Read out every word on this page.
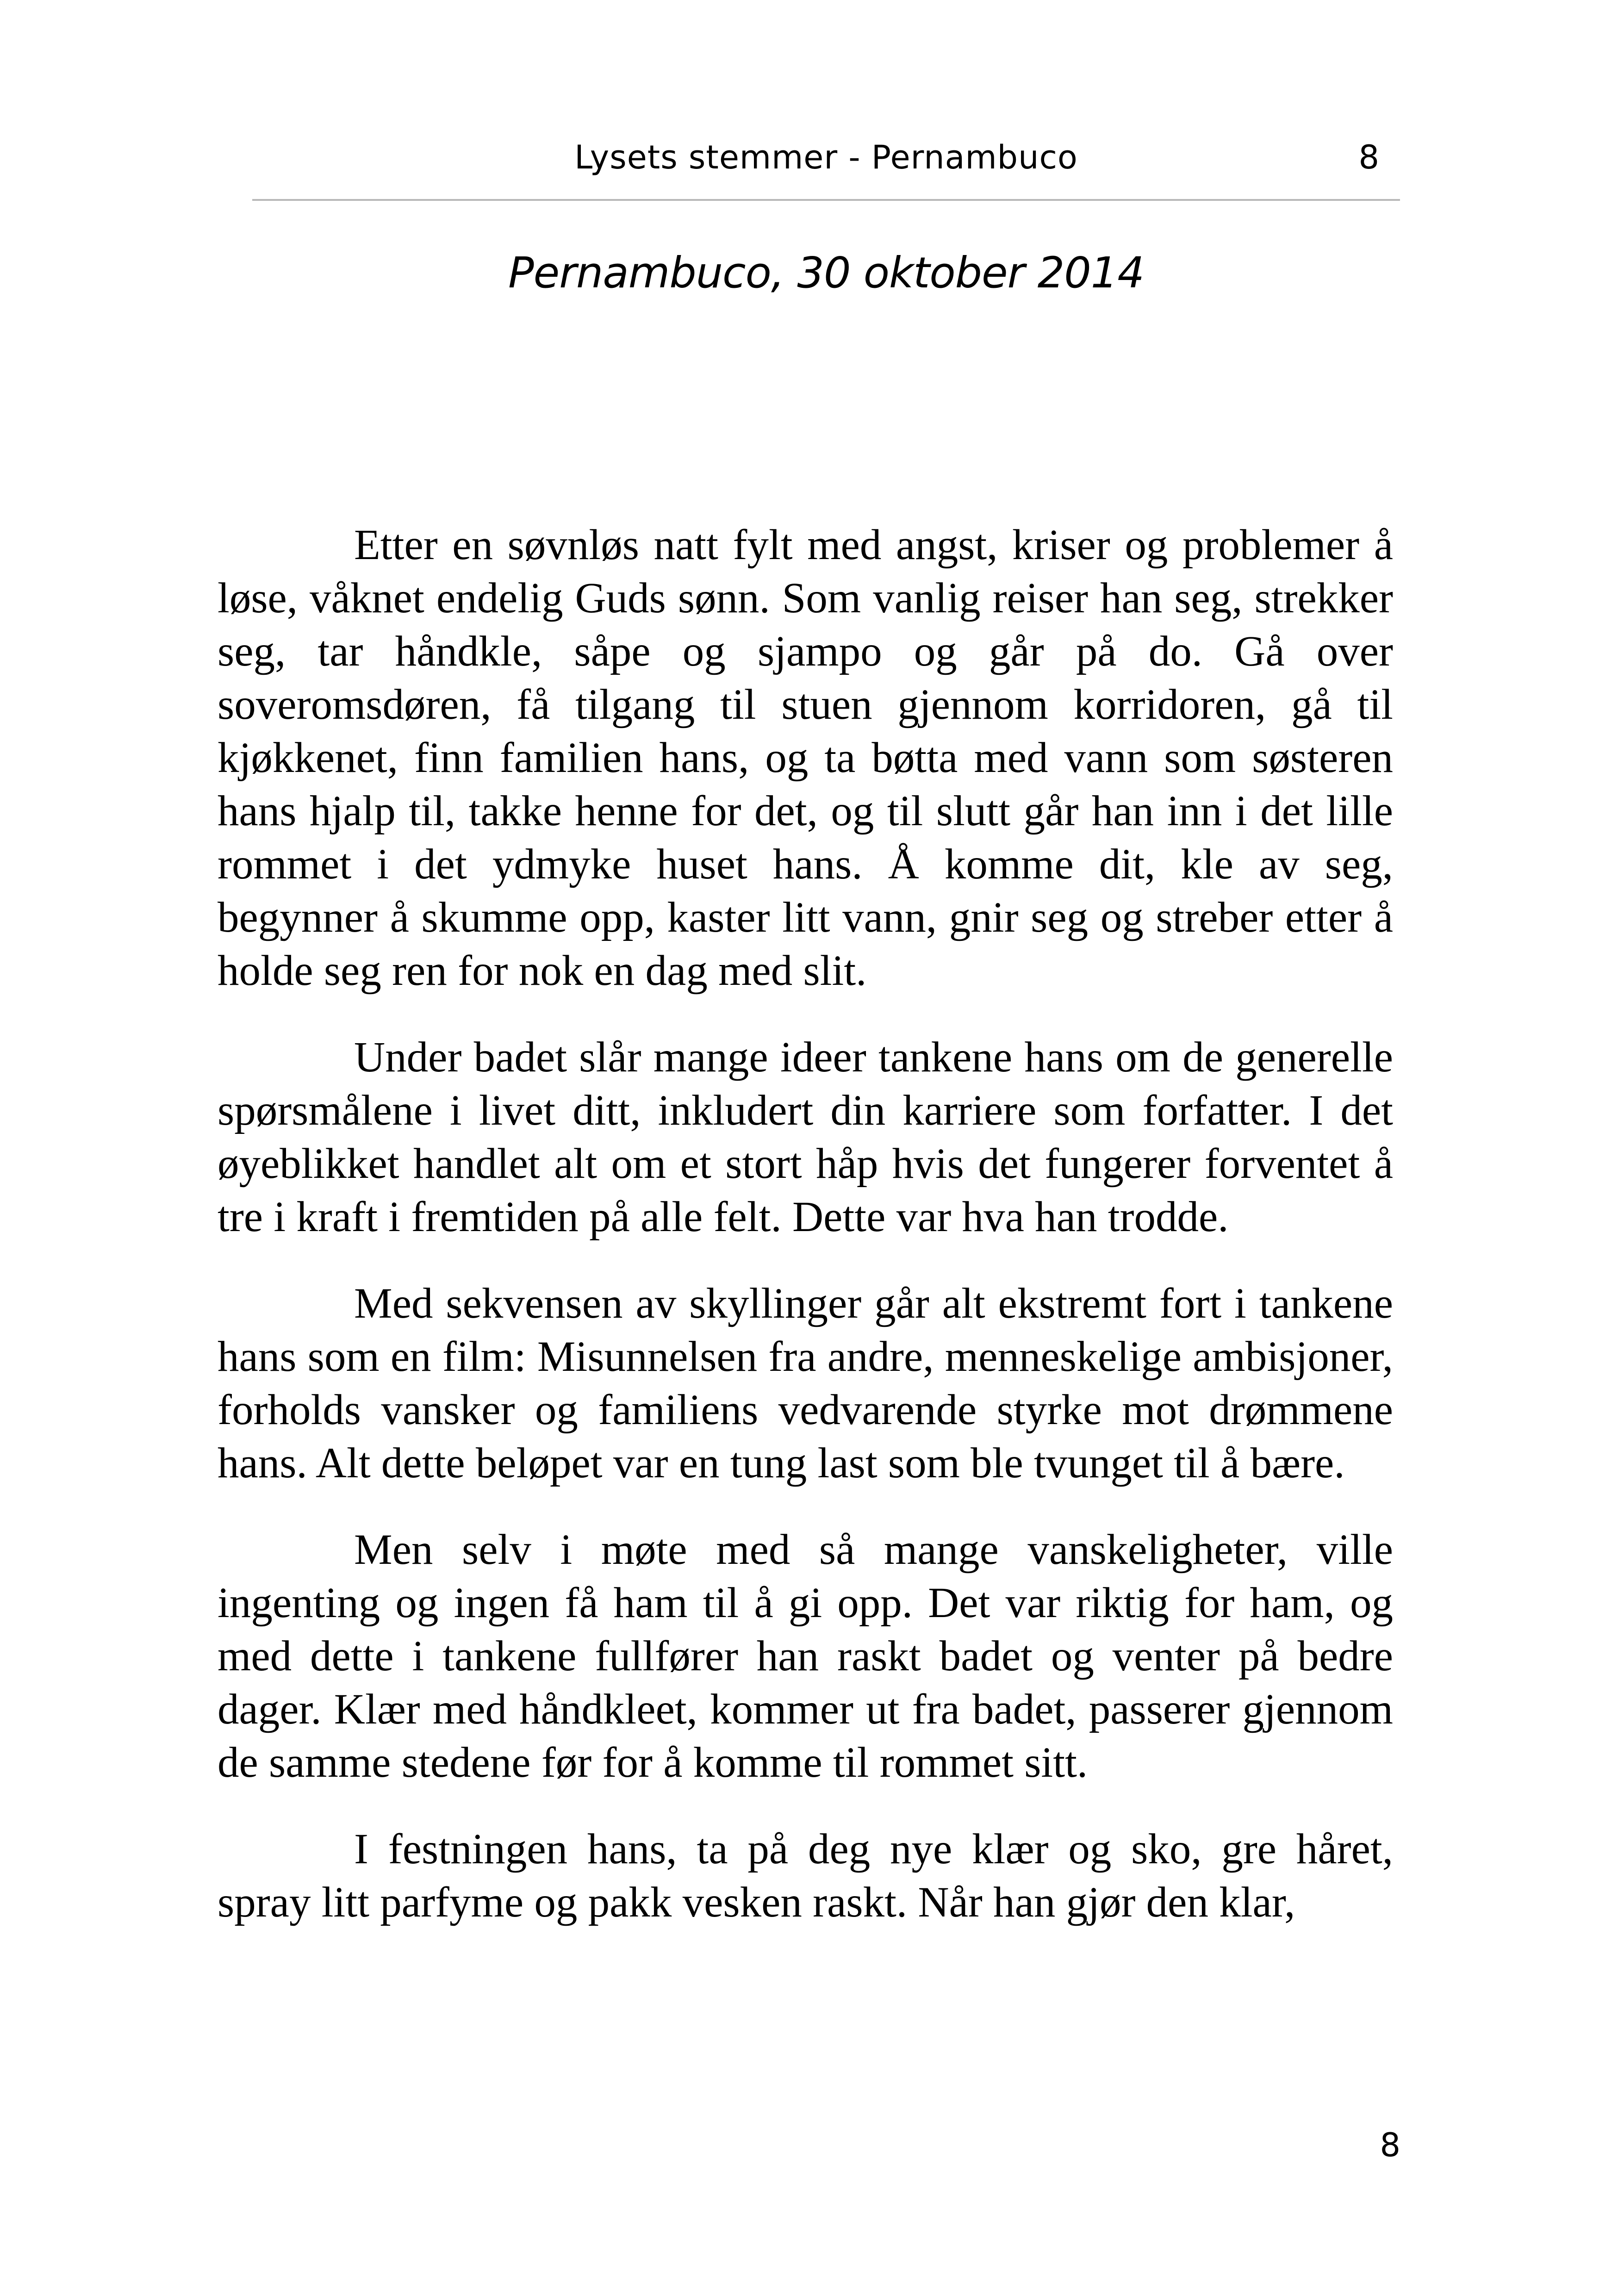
Lysets stemmer - Pernambuco	8
Pernambuco, 30 oktober 2014

Etter en søvnløs natt fylt med angst, kriser og problemer å løse, våknet endelig Guds sønn. Som vanlig reiser han seg, strekker seg, tar håndkle, såpe og sjampo og går på do. Gå over soveromsdøren, få tilgang til stuen gjennom korridoren, gå til kjøkkenet, finn familien hans, og ta bøtta med vann som søsteren hans hjalp til, takke henne for det, og til slutt går han inn i det lille rommet i det ydmyke huset hans. Å komme dit, kle av seg, begynner å skumme opp, kaster litt vann, gnir seg og streber etter å holde seg ren for nok en dag med slit.

Under badet slår mange ideer tankene hans om de generelle spørsmålene i livet ditt, inkludert din karriere som forfatter. I det øyeblikket handlet alt om et stort håp hvis det fungerer forventet å tre i kraft i fremtiden på alle felt. Dette var hva han trodde.

Med sekvensen av skyllinger går alt ekstremt fort i tankene hans som en film: Misunnelsen fra andre, menneskelige ambisjoner, forholds vansker og familiens vedvarende styrke mot drømmene hans. Alt dette beløpet var en tung last som ble tvunget til å bære.

Men selv i møte med så mange vanskeligheter, ville ingenting og ingen få ham til å gi opp. Det var riktig for ham, og med dette i tankene fullfører han raskt badet og venter på bedre dager. Klær med håndkleet, kommer ut fra badet, passerer gjennom de samme stedene før for å komme til rommet sitt.

I festningen hans, ta på deg nye klær og sko, gre håret, spray litt parfyme og pakk vesken raskt. Når han gjør den klar,

8
